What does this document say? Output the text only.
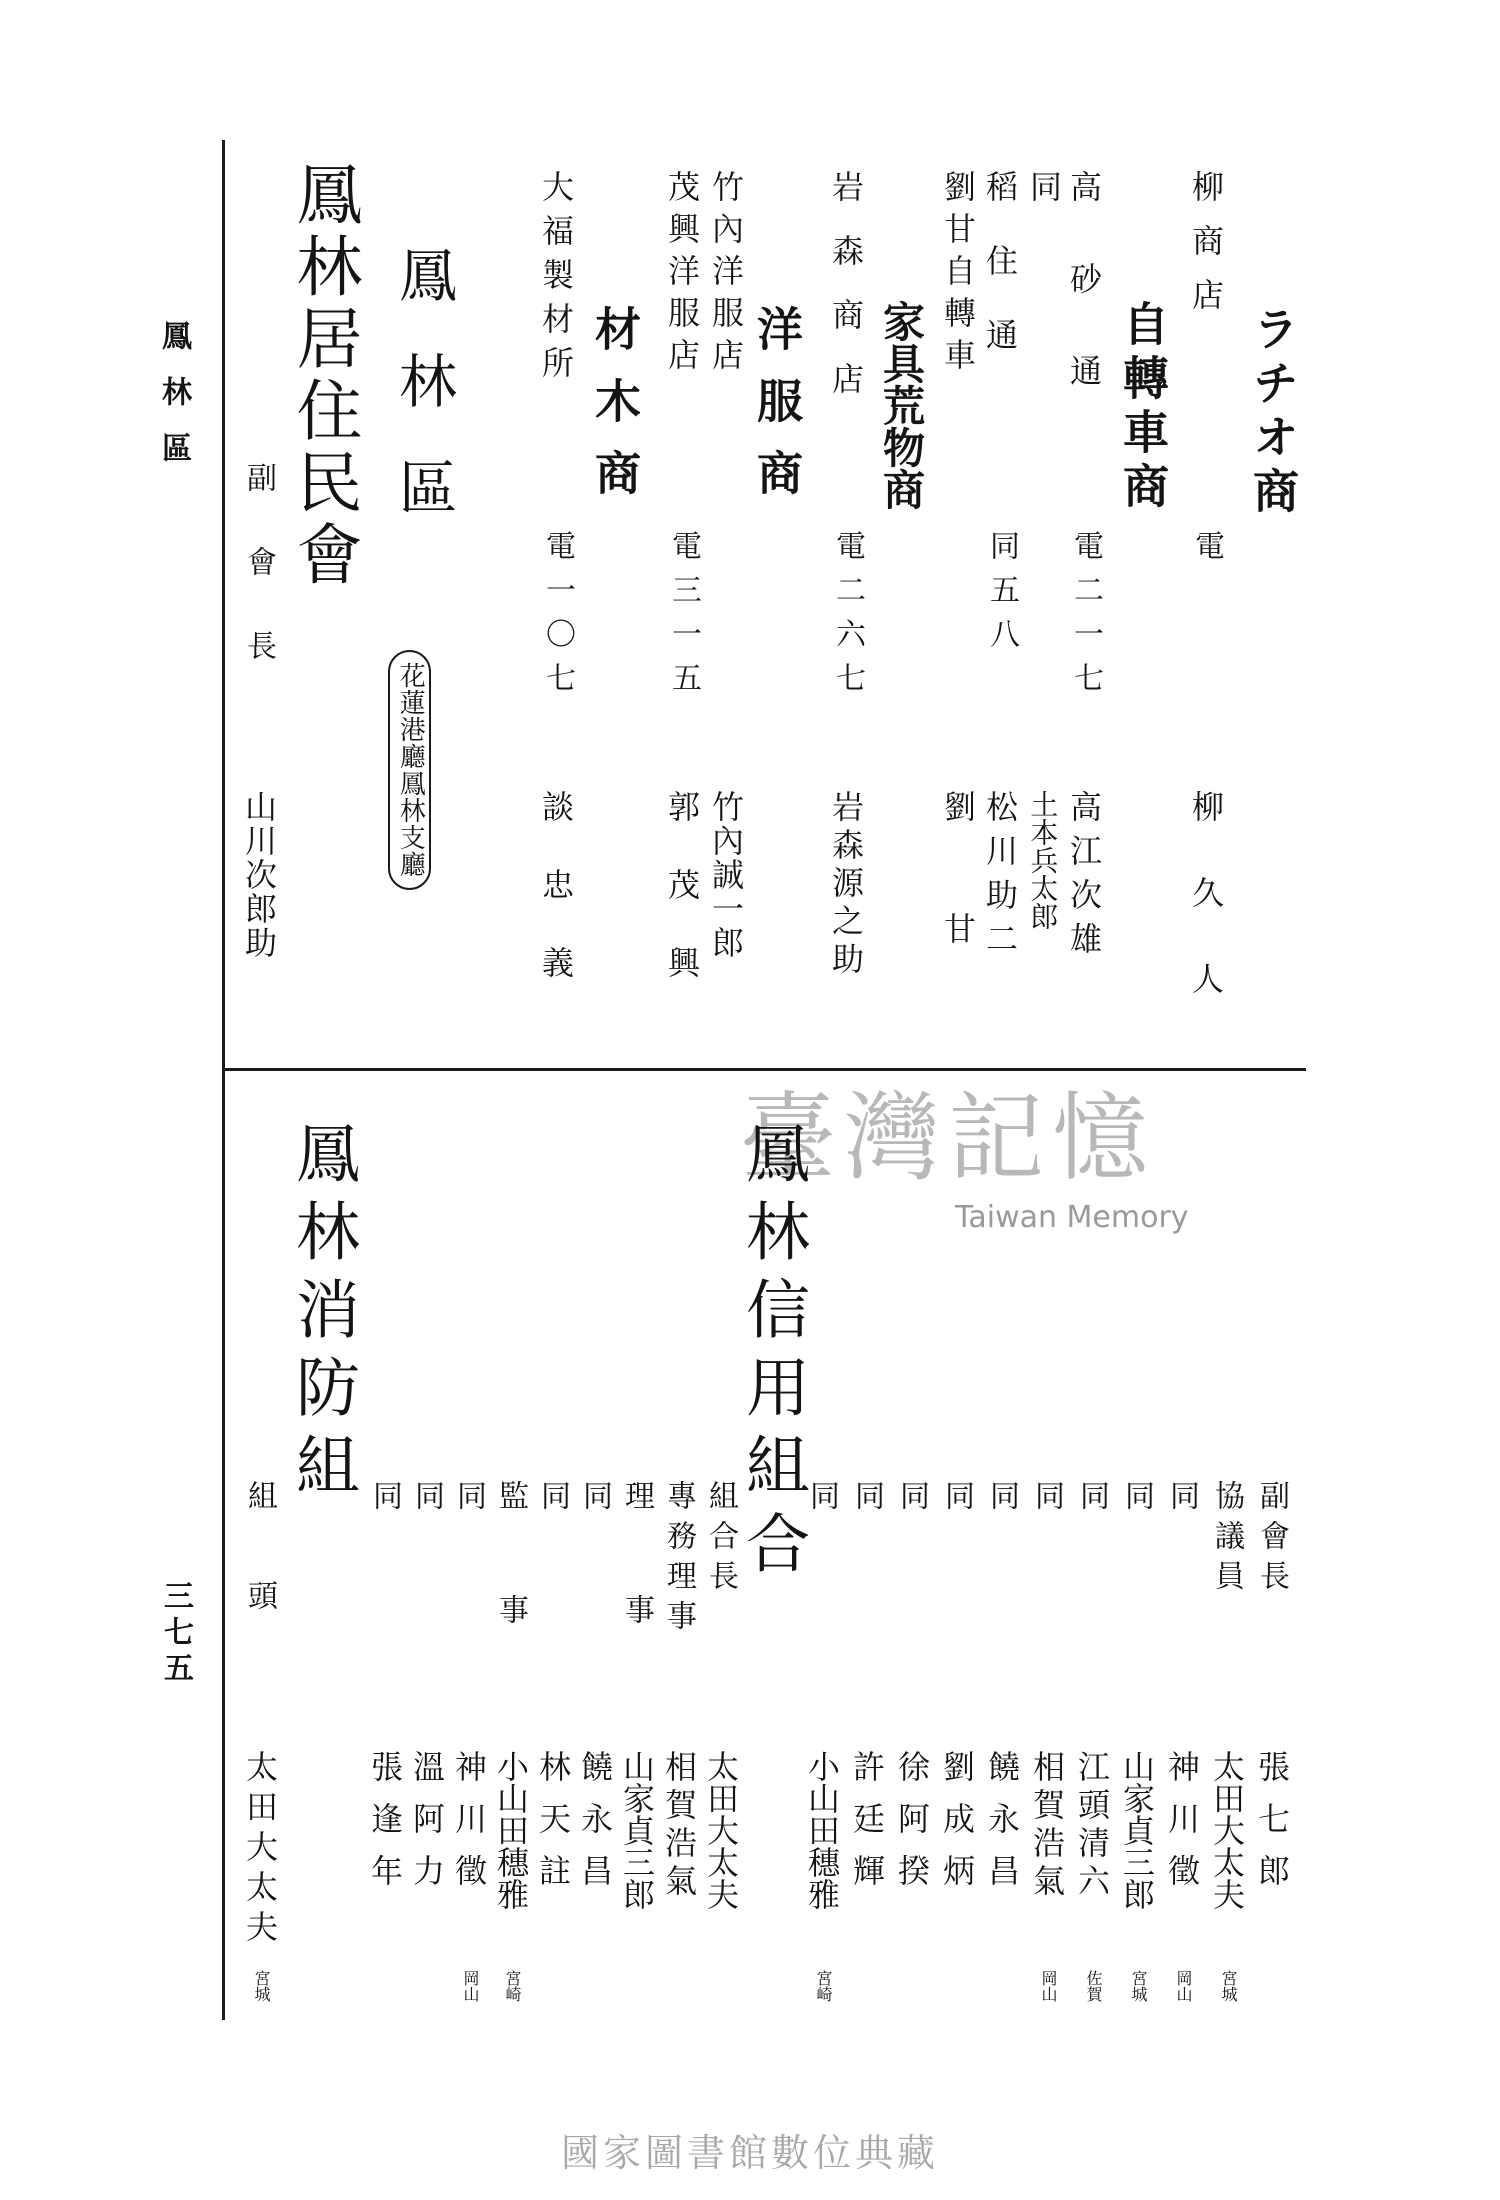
鳳林區
三七五
ラチオ商
柳商店
電
柳久人
自轉車商
高砂通
電二一七
高江次雄
同
土本兵太郎
稻住通
同五八
松川助二
劉甘自轉車
劉甘
家具荒物商
岩森商店
電二六七
岩森源之助
洋服商
竹內洋服店
竹內誠一郎
茂興洋服店
電三一五
郭茂興
材木商
大福製材所
電一〇七
談忠義
鳳林區
花蓮港廳鳳林支廳
鳳林居住民會
副會長
山川次郎助
臺灣記憶
Taiwan Memory
鳳林信用組合
鳳林消防組
副會長
張七郎
協議員
太田大太夫
宮城
同
神川徵
岡山
同
山家貞三郎
宮城
同
江頭清六
佐賀
同
相賀浩氣
岡山
同
饒永昌
同
劉成炳
同
徐阿揆
同
許廷輝
同
小山田穗雅
宮崎
組合長
太田大太夫
專務理事
相賀浩氣
理事
山家貞三郎
同
饒永昌
同
林天註
監事
小山田穗雅
宮崎
同
神川徵
岡山
同
溫阿力
同
張逢年
組頭
太田大太夫
宮城
國家圖書館數位典藏
